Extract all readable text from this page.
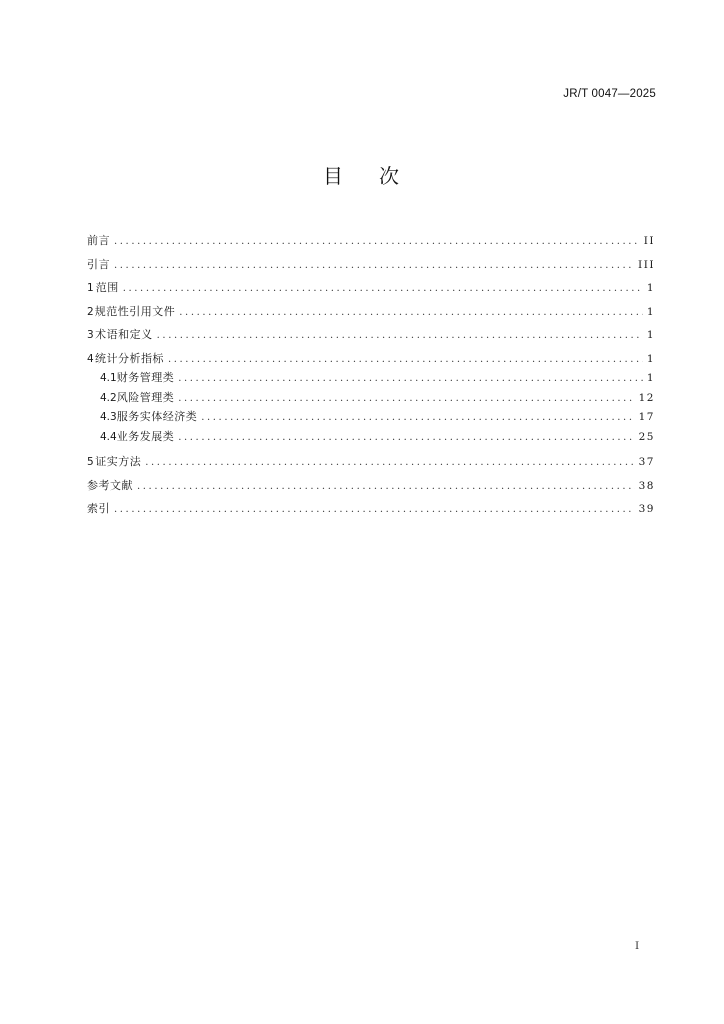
JR/T 0047—2025
目 次
前言 .....	II
引言 .....	III
1 范围 .....	1
2 规范性引用文件 .....	1
3 术语和定义 .....	1
4 统计分析指标 .....	1
4.1 财务管理类 .....	1
4.2 风险管理类 .....	12
4.3 服务实体经济类 .....	17
4.4 业务发展类 .....	25
5 证实方法 .....	37
参考文献 .....	38
索引 .....	39
I
